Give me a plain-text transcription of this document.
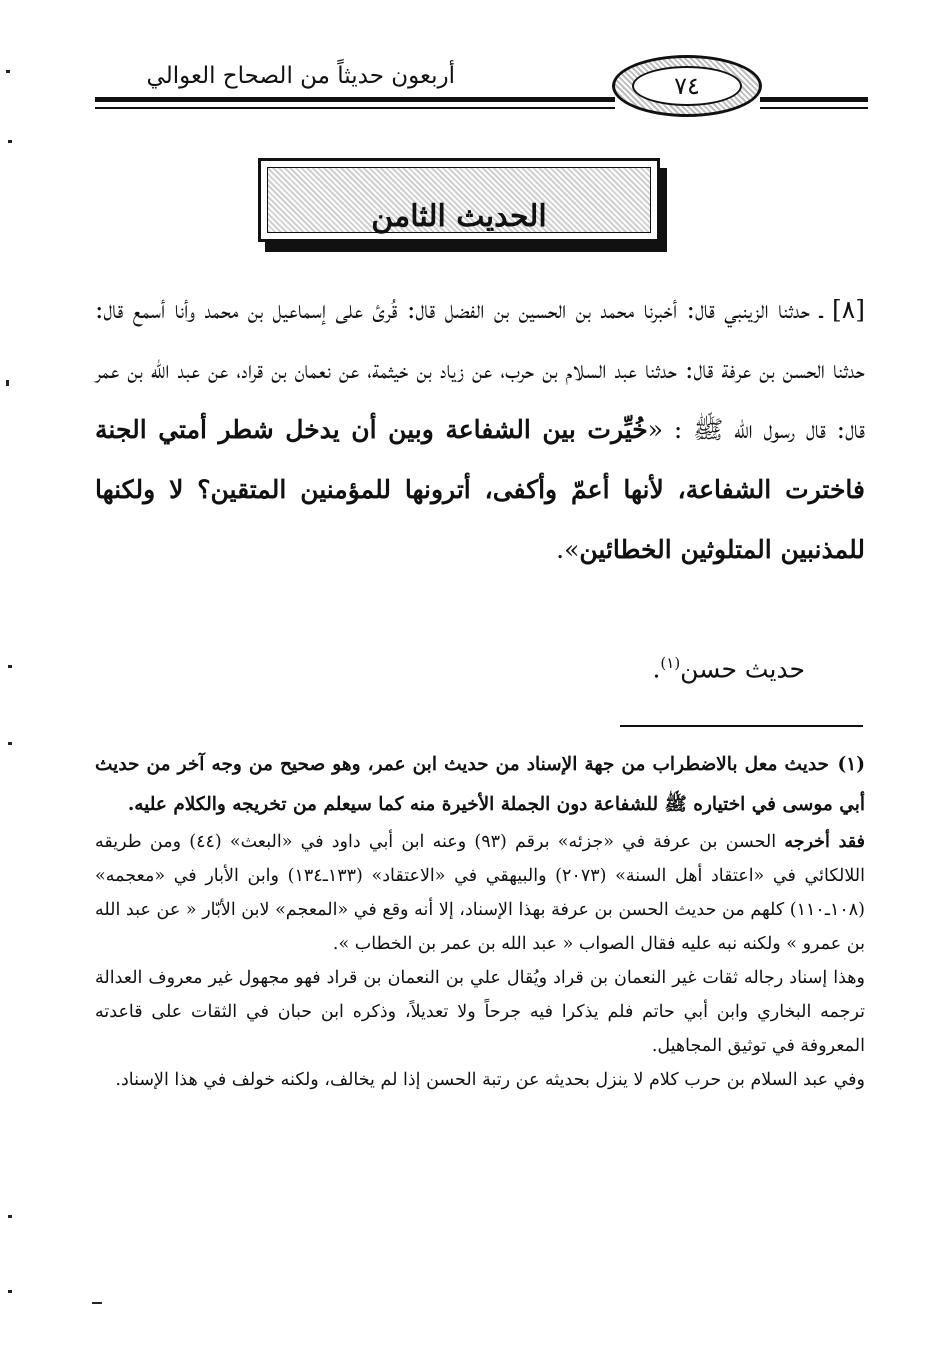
أربعون حديثاً من الصحاح العوالي	٧٤
الحديث الثامن

[٨] ـ حدثنا الزينبي قال: أخبرنا محمد بن الحسين بن الفضل قال: قُرئ على إسماعيل بن محمد وأنا أسمع قال: حدثنا الحسن بن عرفة قال: حدثنا عبد السلام بن حرب، عن زياد بن خيثمة، عن نعمان بن قراد، عن عبد الله بن عمر قال: قال رسول الله ﷺ : «خُيِّرت بين الشفاعة وبين أن يدخل شطر أمتي الجنة فاخترت الشفاعة، لأنها أعمّ وأكفى، أترونها للمؤمنين المتقين؟ لا ولكنها للمذنبين المتلوثين الخطائين».

حديث حسن$^{(١)}$.

(١)حديث معل بالاضطراب من جهة الإسناد من حديث ابن عمر، وهو صحيح من وجه آخر من حديث أبي موسى في اختياره ﷺ للشفاعة دون الجملة الأخيرة منه كما سيعلم من تخريجه والكلام عليه.

فقد أخرجه الحسن بن عرفة في «جزئه» برقم (٩٣) وعنه ابن أبي داود في «البعث» (٤٤) ومن طريقه اللالكائي في «اعتقاد أهل السنة» (٢٠٧٣) والبيهقي في «الاعتقاد» (١٣٣ـ١٣٤) وابن الأبار في «معجمه» (١٠٨ـ١١٠) كلهم من حديث الحسن بن عرفة بهذا الإسناد، إلا أنه وقع في «المعجم» لابن الأبّار « عن عبد الله بن عمرو » ولكنه نبه عليه فقال الصواب « عبد الله بن عمر بن الخطاب ».

وهذا إسناد رجاله ثقات غير النعمان بن قراد ويُقال علي بن النعمان بن قراد فهو مجهول غير معروف العدالة ترجمه البخاري وابن أبي حاتم فلم يذكرا فيه جرحاً ولا تعديلاً، وذكره ابن حبان في الثقات على قاعدته المعروفة في توثيق المجاهيل.

وفي عبد السلام بن حرب كلام لا ينزل بحديثه عن رتبة الحسن إذا لم يخالف، ولكنه خولف في هذا الإسناد.
